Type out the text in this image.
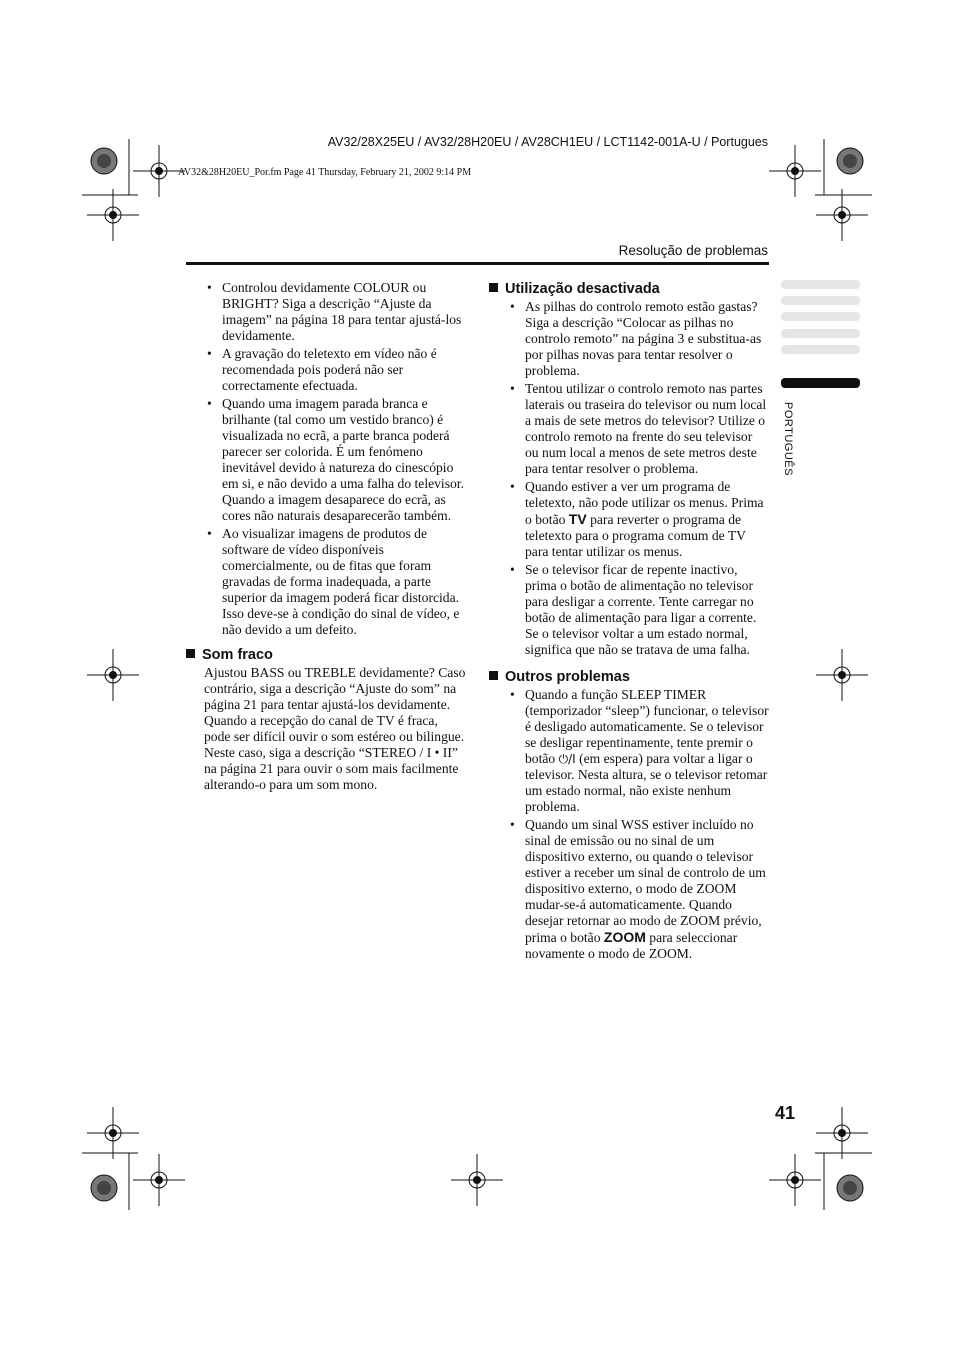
AV32/28X25EU / AV32/28H20EU / AV28CH1EU / LCT1142-001A-U / Portugues
AV32&28H20EU_Por.fm Page 41 Thursday, February 21, 2002 9:14 PM
Resolução de problemas
PORTUGUÊS
• Controlou devidamente COLOUR ou BRIGHT? Siga a descrição “Ajuste da imagem” na página 18 para tentar ajustá-los devidamente.
• A gravação do teletexto em vídeo não é recomendada pois poderá não ser correctamente efectuada.
• Quando uma imagem parada branca e brilhante (tal como um vestido branco) é visualizada no ecrã, a parte branca poderá parecer ser colorida. É um fenómeno inevitável devido à natureza do cinescópio em si, e não devido a uma falha do televisor. Quando a imagem desaparece do ecrã, as cores não naturais desaparecerão também.
• Ao visualizar imagens de produtos de software de vídeo disponíveis comercialmente, ou de fitas que foram gravadas de forma inadequada, a parte superior da imagem poderá ficar distorcida. Isso deve-se à condição do sinal de vídeo, e não devido a um defeito.
Som fraco

Ajustou BASS ou TREBLE devidamente? Caso contrário, siga a descrição “Ajuste do som” na página 21 para tentar ajustá-los devidamente.

Quando a recepção do canal de TV é fraca, pode ser difícil ouvir o som estéreo ou bilingue. Neste caso, siga a descrição “STEREO / I • II” na página 21 para ouvir o som mais facilmente alterando-o para um som mono.

Utilização desactivada
• As pilhas do controlo remoto estão gastas? Siga a descrição “Colocar as pilhas no controlo remoto” na página 3 e substitua-as por pilhas novas para tentar resolver o problema.
• Tentou utilizar o controlo remoto nas partes laterais ou traseira do televisor ou num local a mais de sete metros do televisor? Utilize o controlo remoto na frente do seu televisor ou num local a menos de sete metros deste para tentar resolver o problema.
• Quando estiver a ver um programa de teletexto, não pode utilizar os menus. Prima o botão TV para reverter o programa de teletexto para o programa comum de TV para tentar utilizar os menus.
• Se o televisor ficar de repente inactivo, prima o botão de alimentação no televisor para desligar a corrente. Tente carregar no botão de alimentação para ligar a corrente. Se o televisor voltar a um estado normal, significa que não se tratava de uma falha.
Outros problemas
• Quando a função SLEEP TIMER (temporizador “sleep”) funcionar, o televisor é desligado automaticamente. Se o televisor se desligar repentinamente, tente premir o botão ⏻/I (em espera) para voltar a ligar o televisor. Nesta altura, se o televisor retomar um estado normal, não existe nenhum problema.
• Quando um sinal WSS estiver incluído no sinal de emissão ou no sinal de um dispositivo externo, ou quando o televisor estiver a receber um sinal de controlo de um dispositivo externo, o modo de ZOOM mudar-se-á automaticamente. Quando desejar retornar ao modo de ZOOM prévio, prima o botão ZOOM para seleccionar novamente o modo de ZOOM.
41
